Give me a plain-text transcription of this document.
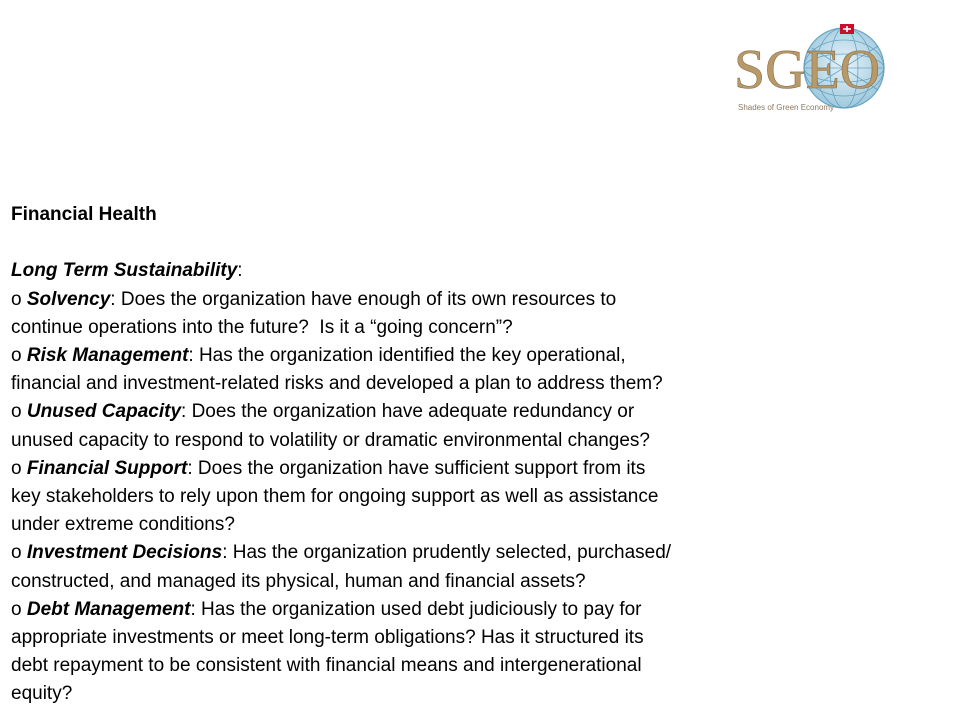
SGEO
Shades of Green Economy
Financial Health
Long Term Sustainability:
o Solvency: Does the organization have enough of its own resources to
continue operations into the future?  Is it a “going concern”?
o Risk Management: Has the organization identified the key operational,
financial and investment-related risks and developed a plan to address them?
o Unused Capacity: Does the organization have adequate redundancy or
unused capacity to respond to volatility or dramatic environmental changes?
o Financial Support: Does the organization have sufficient support from its
key stakeholders to rely upon them for ongoing support as well as assistance
under extreme conditions?
o Investment Decisions: Has the organization prudently selected, purchased/
constructed, and managed its physical, human and financial assets?
o Debt Management: Has the organization used debt judiciously to pay for
appropriate investments or meet long-term obligations? Has it structured its
debt repayment to be consistent with financial means and intergenerational
equity?
